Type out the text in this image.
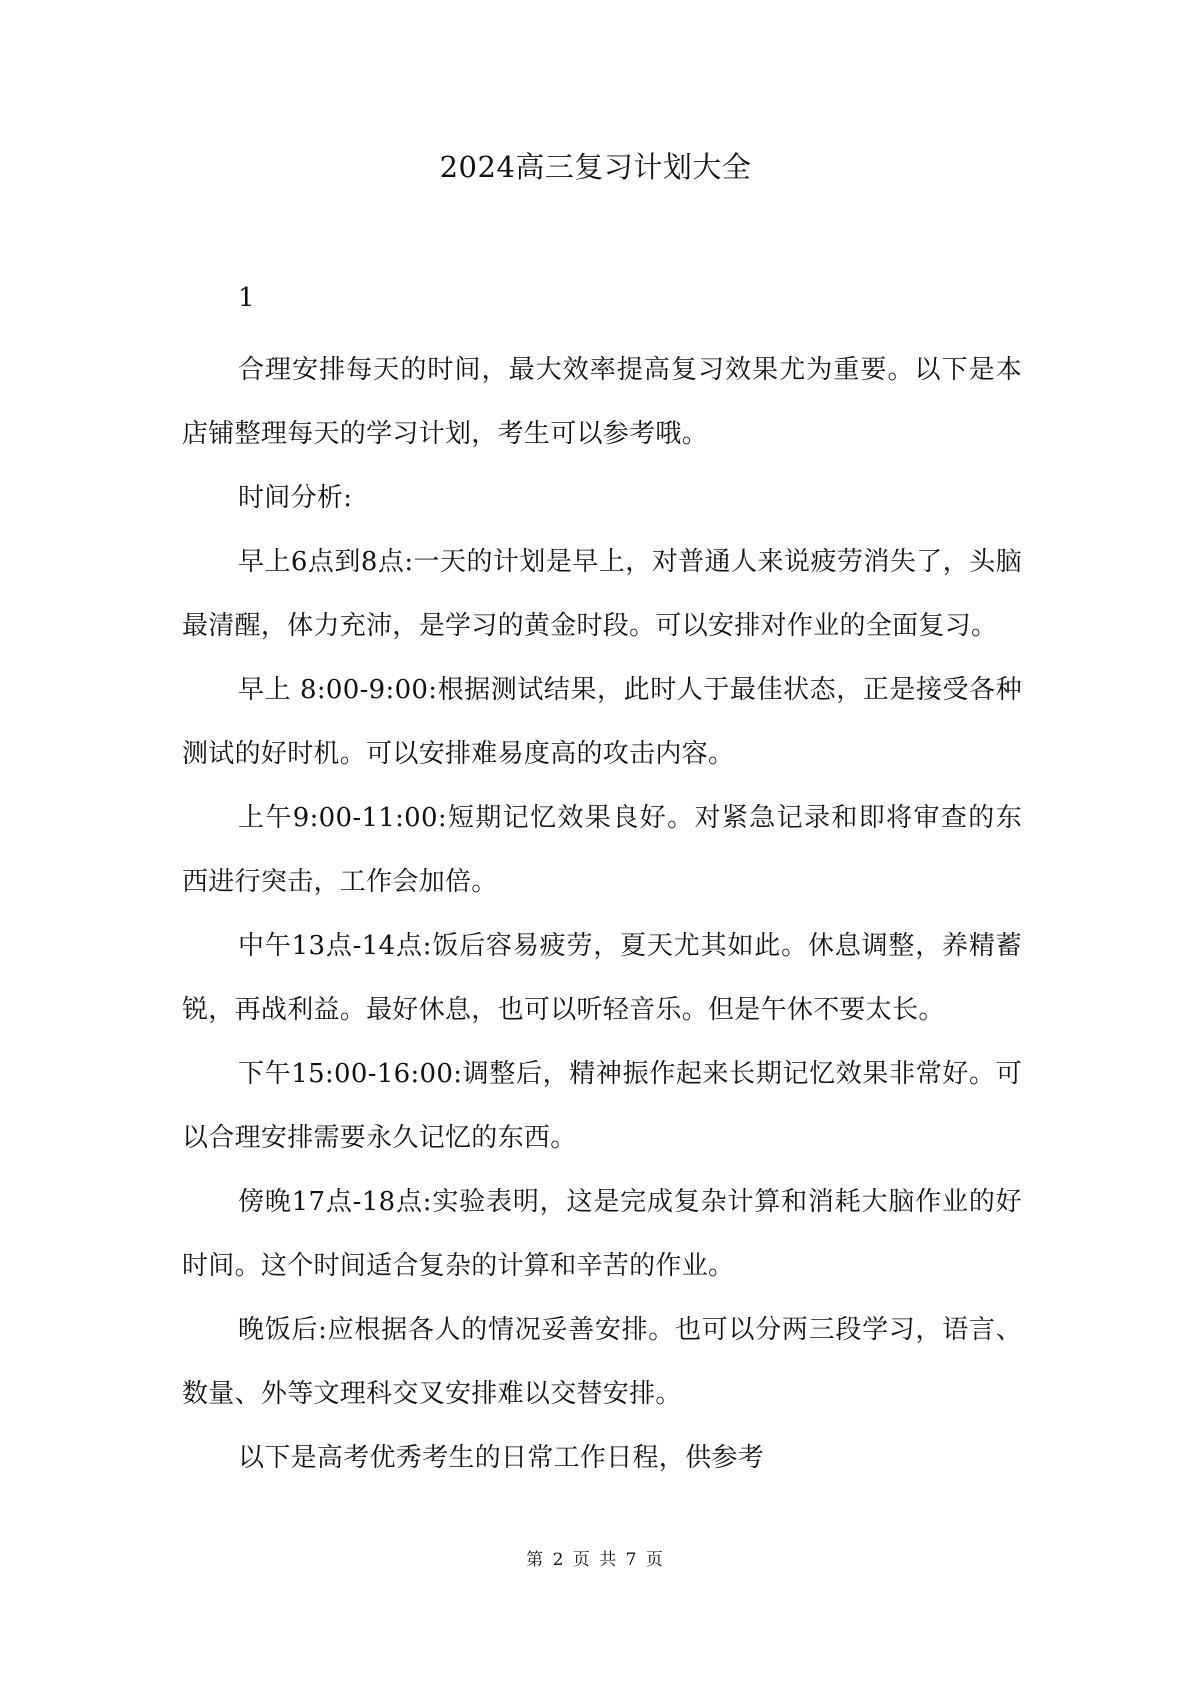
2024高三复习计划大全
1

合理安排每天的时间，最大效率提高复习效果尤为重要。以下是本店铺整理每天的学习计划，考生可以参考哦。

时间分析:

早上6点到8点:一天的计划是早上，对普通人来说疲劳消失了，头脑最清醒，体力充沛，是学习的黄金时段。可以安排对作业的全面复习。

早上 8:00-9:00:根据测试结果，此时人于最佳状态，正是接受各种测试的好时机。可以安排难易度高的攻击内容。

上午9:00-11:00:短期记忆效果良好。对紧急记录和即将审查的东西进行突击，工作会加倍。

中午13点-14点:饭后容易疲劳，夏天尤其如此。休息调整，养精蓄锐，再战利益。最好休息，也可以听轻音乐。但是午休不要太长。

下午15:00-16:00:调整后，精神振作起来长期记忆效果非常好。可以合理安排需要永久记忆的东西。

傍晚17点-18点:实验表明，这是完成复杂计算和消耗大脑作业的好时间。这个时间适合复杂的计算和辛苦的作业。

晚饭后:应根据各人的情况妥善安排。也可以分两三段学习，语言、数量、外等文理科交叉安排难以交替安排。

以下是高考优秀考生的日常工作日程，供参考

第 2 页 共 7 页
